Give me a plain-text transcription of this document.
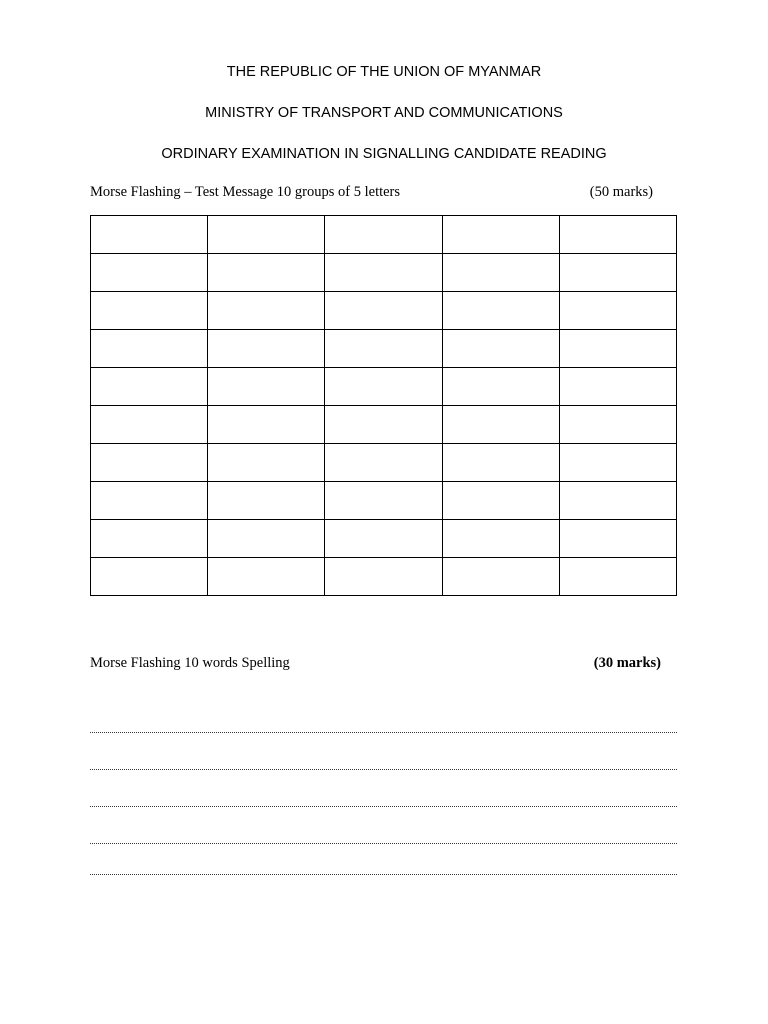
THE REPUBLIC OF THE UNION OF MYANMAR
MINISTRY OF TRANSPORT AND COMMUNICATIONS
ORDINARY EXAMINATION IN SIGNALLING CANDIDATE READING
Morse Flashing – Test Message 10 groups of 5 letters	(50 marks)

Morse Flashing 10 words Spelling	(30 marks)
